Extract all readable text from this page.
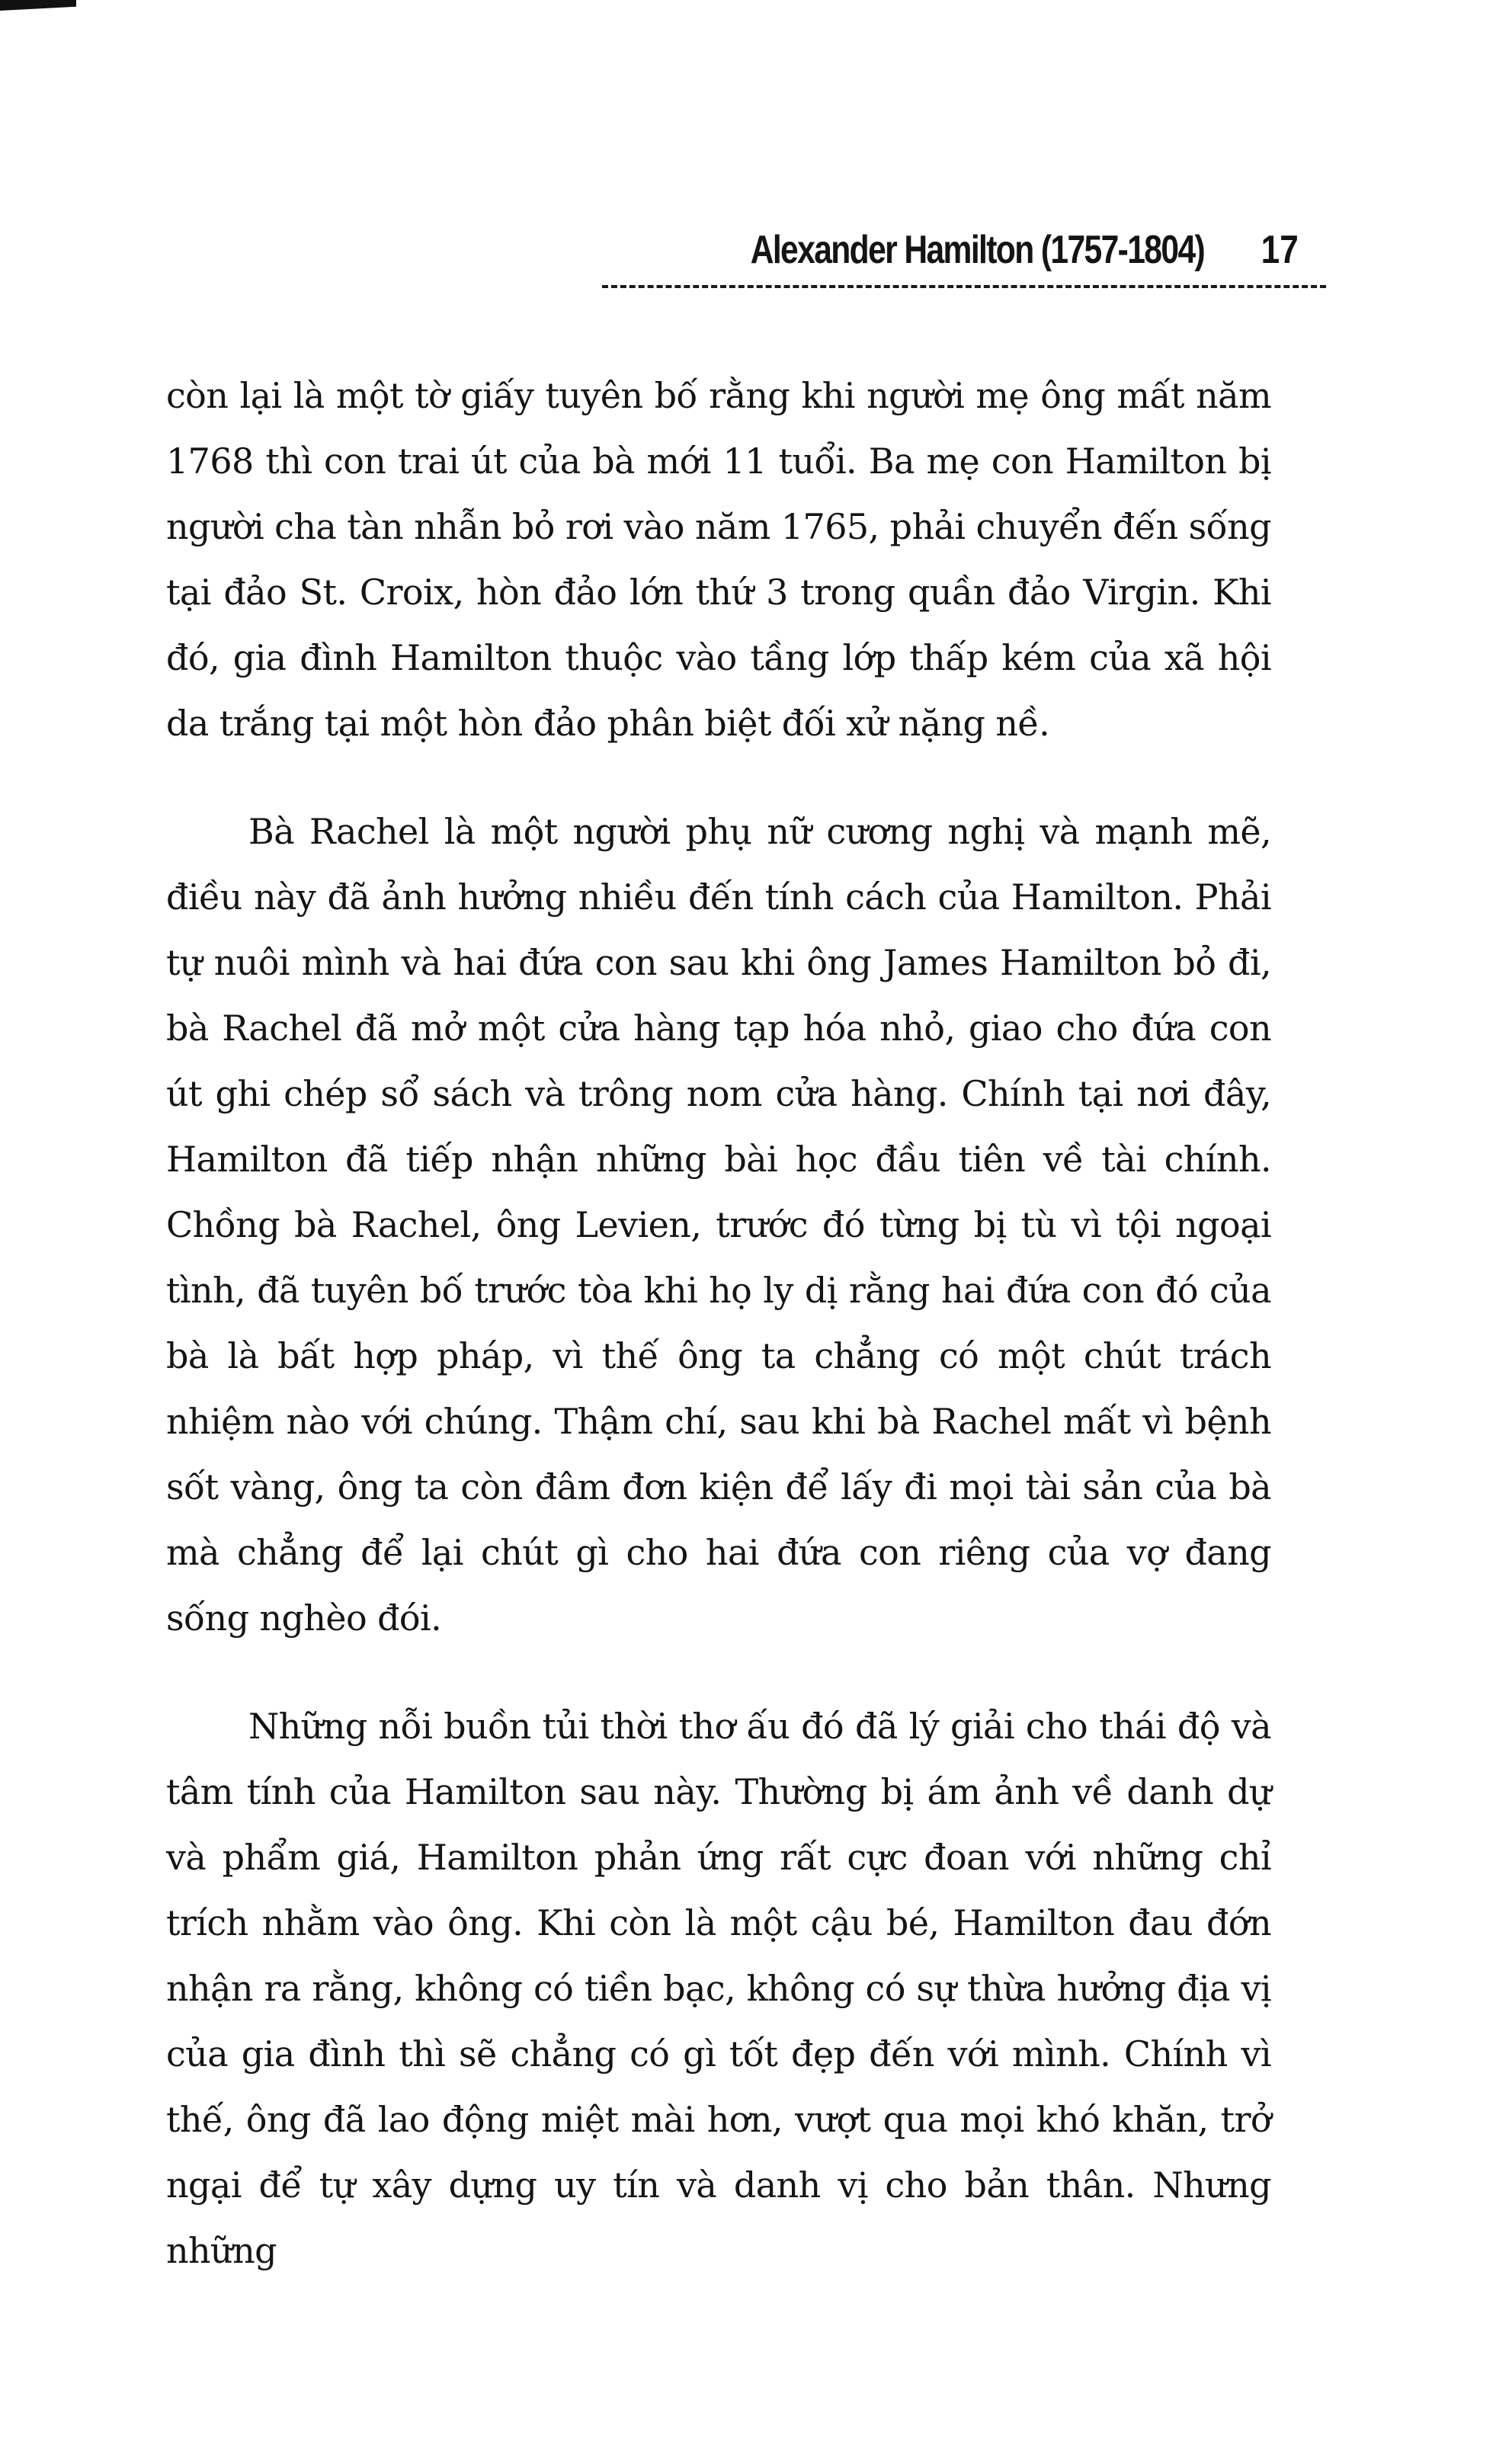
Alexander Hamilton (1757-1804) 17

còn lại là một tờ giấy tuyên bố rằng khi người mẹ ông mất năm 1768 thì con trai út của bà mới 11 tuổi. Ba mẹ con Hamilton bị người cha tàn nhẫn bỏ rơi vào năm 1765, phải chuyển đến sống tại đảo St. Croix, hòn đảo lớn thứ 3 trong quần đảo Virgin. Khi đó, gia đình Hamilton thuộc vào tầng lớp thấp kém của xã hội da trắng tại một hòn đảo phân biệt đối xử nặng nề.

Bà Rachel là một người phụ nữ cương nghị và mạnh mẽ, điều này đã ảnh hưởng nhiều đến tính cách của Hamilton. Phải tự nuôi mình và hai đứa con sau khi ông James Hamilton bỏ đi, bà Rachel đã mở một cửa hàng tạp hóa nhỏ, giao cho đứa con út ghi chép sổ sách và trông nom cửa hàng. Chính tại nơi đây, Hamilton đã tiếp nhận những bài học đầu tiên về tài chính. Chồng bà Rachel, ông Levien, trước đó từng bị tù vì tội ngoại tình, đã tuyên bố trước tòa khi họ ly dị rằng hai đứa con đó của bà là bất hợp pháp, vì thế ông ta chẳng có một chút trách nhiệm nào với chúng. Thậm chí, sau khi bà Rachel mất vì bệnh sốt vàng, ông ta còn đâm đơn kiện để lấy đi mọi tài sản của bà mà chẳng để lại chút gì cho hai đứa con riêng của vợ đang sống nghèo đói.

Những nỗi buồn tủi thời thơ ấu đó đã lý giải cho thái độ và tâm tính của Hamilton sau này. Thường bị ám ảnh về danh dự và phẩm giá, Hamilton phản ứng rất cực đoan với những chỉ trích nhằm vào ông. Khi còn là một cậu bé, Hamilton đau đớn nhận ra rằng, không có tiền bạc, không có sự thừa hưởng địa vị của gia đình thì sẽ chẳng có gì tốt đẹp đến với mình. Chính vì thế, ông đã lao động miệt mài hơn, vượt qua mọi khó khăn, trở ngại để tự xây dựng uy tín và danh vị cho bản thân. Nhưng những
